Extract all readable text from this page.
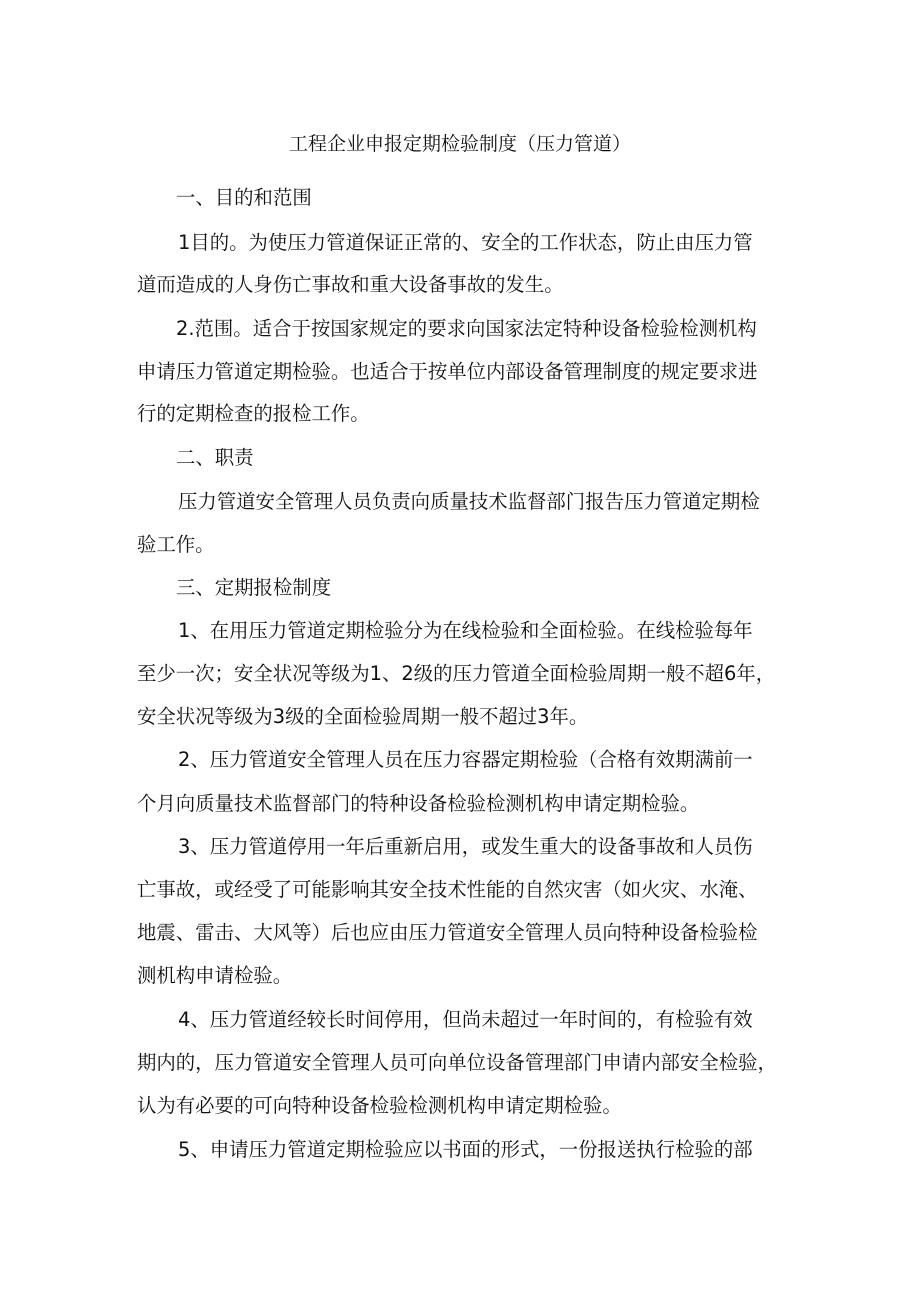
工程企业申报定期检验制度（压力管道）
一、目的和范围
1目的。为使压力管道保证正常的、安全的工作状态，防止由压力管
道而造成的人身伤亡事故和重大设备事故的发生。
2.范围。适合于按国家规定的要求向国家法定特种设备检验检测机构
申请压力管道定期检验。也适合于按单位内部设备管理制度的规定要求进
行的定期检查的报检工作。
二、职责
压力管道安全管理人员负责向质量技术监督部门报告压力管道定期检
验工作。
三、定期报检制度
1、在用压力管道定期检验分为在线检验和全面检验。在线检验每年
至少一次；安全状况等级为1、2级的压力管道全面检验周期一般不超6年，
安全状况等级为3级的全面检验周期一般不超过3年。
2、压力管道安全管理人员在压力容器定期检验（合格有效期满前一
个月向质量技术监督部门的特种设备检验检测机构申请定期检验。
3、压力管道停用一年后重新启用，或发生重大的设备事故和人员伤
亡事故，或经受了可能影响其安全技术性能的自然灾害（如火灾、水淹、
地震、雷击、大风等）后也应由压力管道安全管理人员向特种设备检验检
测机构申请检验。
4、压力管道经较长时间停用，但尚未超过一年时间的，有检验有效
期内的，压力管道安全管理人员可向单位设备管理部门申请内部安全检验，
认为有必要的可向特种设备检验检测机构申请定期检验。
5、申请压力管道定期检验应以书面的形式，一份报送执行检验的部
